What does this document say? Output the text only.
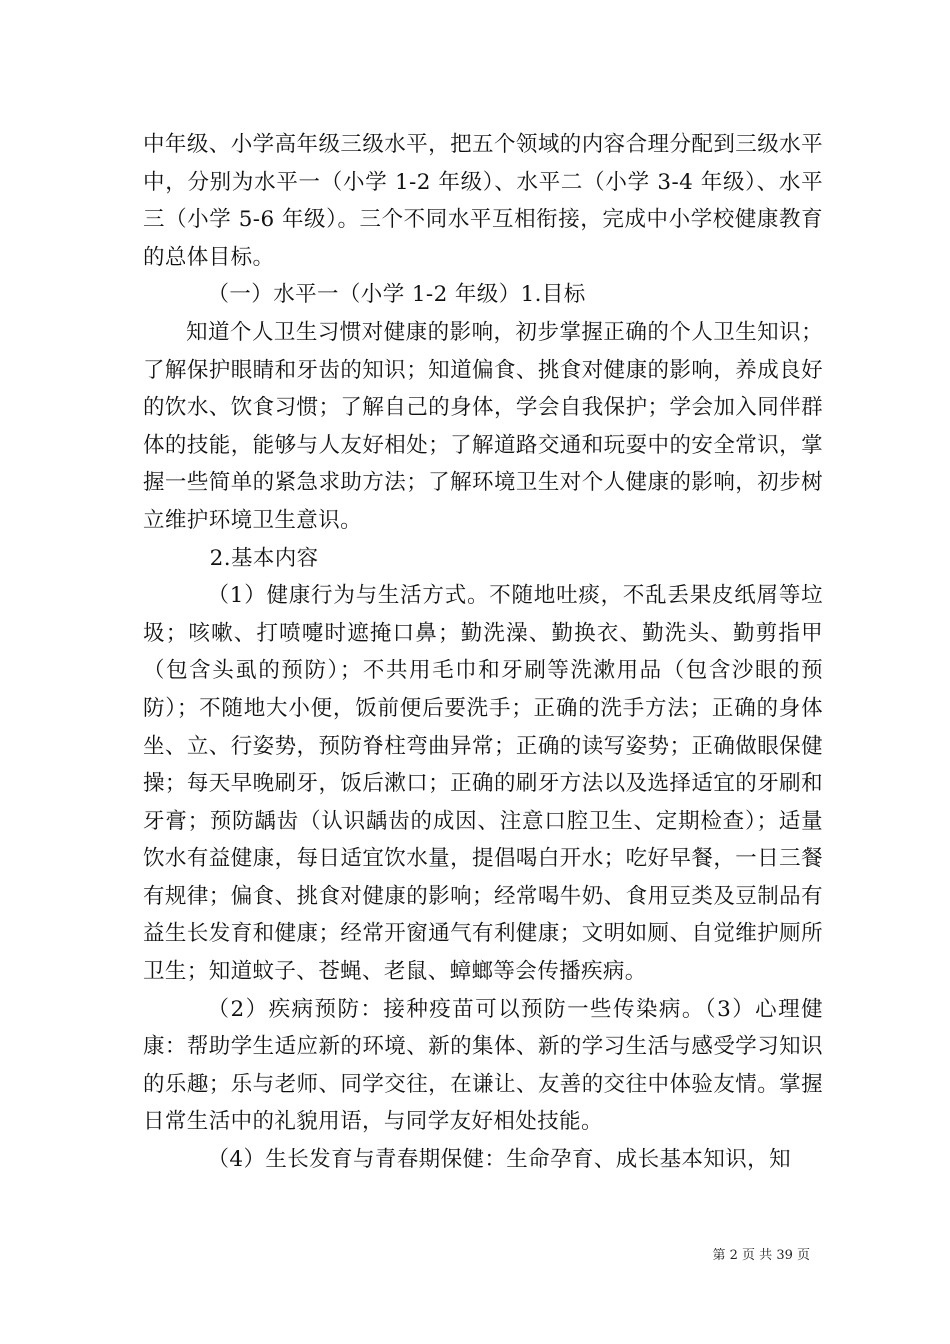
中年级、小学高年级三级水平，把五个领域的内容合理分配到三级水平中，分别为水平一（小学 1-2 年级）、水平二（小学 3-4 年级）、水平三（小学 5-6 年级）。三个不同水平互相衔接，完成中小学校健康教育的总体目标。

（一）水平一（小学 1-2 年级）1.目标

知道个人卫生习惯对健康的影响，初步掌握正确的个人卫生知识；了解保护眼睛和牙齿的知识；知道偏食、挑食对健康的影响，养成良好的饮水、饮食习惯；了解自己的身体，学会自我保护；学会加入同伴群体的技能，能够与人友好相处；了解道路交通和玩耍中的安全常识，掌握一些简单的紧急求助方法；了解环境卫生对个人健康的影响，初步树立维护环境卫生意识。

2.基本内容

（1）健康行为与生活方式。不随地吐痰，不乱丢果皮纸屑等垃圾；咳嗽、打喷嚏时遮掩口鼻；勤洗澡、勤换衣、勤洗头、勤剪指甲（包含头虱的预防）；不共用毛巾和牙刷等洗漱用品（包含沙眼的预防）；不随地大小便，饭前便后要洗手；正确的洗手方法；正确的身体坐、立、行姿势，预防脊柱弯曲异常；正确的读写姿势；正确做眼保健操；每天早晚刷牙，饭后漱口；正确的刷牙方法以及选择适宜的牙刷和牙膏；预防龋齿（认识龋齿的成因、注意口腔卫生、定期检查）；适量饮水有益健康，每日适宜饮水量，提倡喝白开水；吃好早餐，一日三餐有规律；偏食、挑食对健康的影响；经常喝牛奶、食用豆类及豆制品有益生长发育和健康；经常开窗通气有利健康；文明如厕、自觉维护厕所卫生；知道蚊子、苍蝇、老鼠、蟑螂等会传播疾病。

（2）疾病预防：接种疫苗可以预防一些传染病。（3）心理健康：帮助学生适应新的环境、新的集体、新的学习生活与感受学习知识的乐趣；乐与老师、同学交往，在谦让、友善的交往中体验友情。掌握日常生活中的礼貌用语，与同学友好相处技能。

（4）生长发育与青春期保健：生命孕育、成长基本知识，知

第 2 页 共 39 页
